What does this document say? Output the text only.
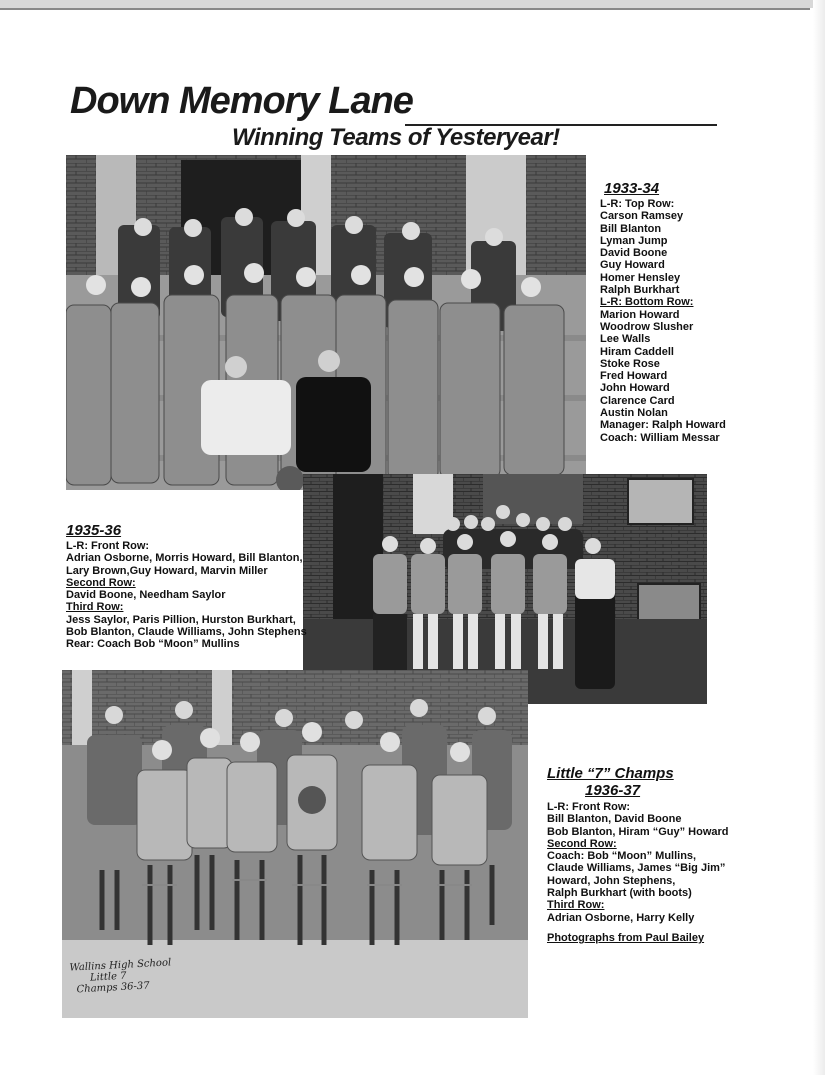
Down Memory Lane
Winning Teams of Yesteryear!
Wallins High School
Little 7
Champs 36-37
1933-34
L-R: Top Row:
Carson Ramsey
Bill Blanton
Lyman Jump
David Boone
Guy Howard
Homer Hensley
Ralph Burkhart
L-R: Bottom Row:
Marion Howard
Woodrow Slusher
Lee Walls
Hiram Caddell
Stoke Rose
Fred Howard
John Howard
Clarence Card
Austin Nolan
Manager: Ralph Howard
Coach: William Messar
1935-36
L-R: Front Row:
Adrian Osborne, Morris Howard, Bill Blanton,
Lary Brown,Guy Howard, Marvin Miller
Second Row:
David Boone, Needham Saylor
Third Row:
Jess Saylor, Paris Pillion, Hurston Burkhart,
Bob Blanton, Claude Williams, John Stephens
Rear: Coach Bob “Moon” Mullins
Little “7” Champs
1936-37
L-R: Front Row:
Bill Blanton, David Boone
Bob Blanton, Hiram “Guy” Howard
Second Row:
Coach: Bob “Moon” Mullins,
Claude Williams, James “Big Jim”
Howard, John Stephens,
Ralph Burkhart (with boots)
Third Row:
Adrian Osborne, Harry Kelly
Photographs from Paul Bailey
